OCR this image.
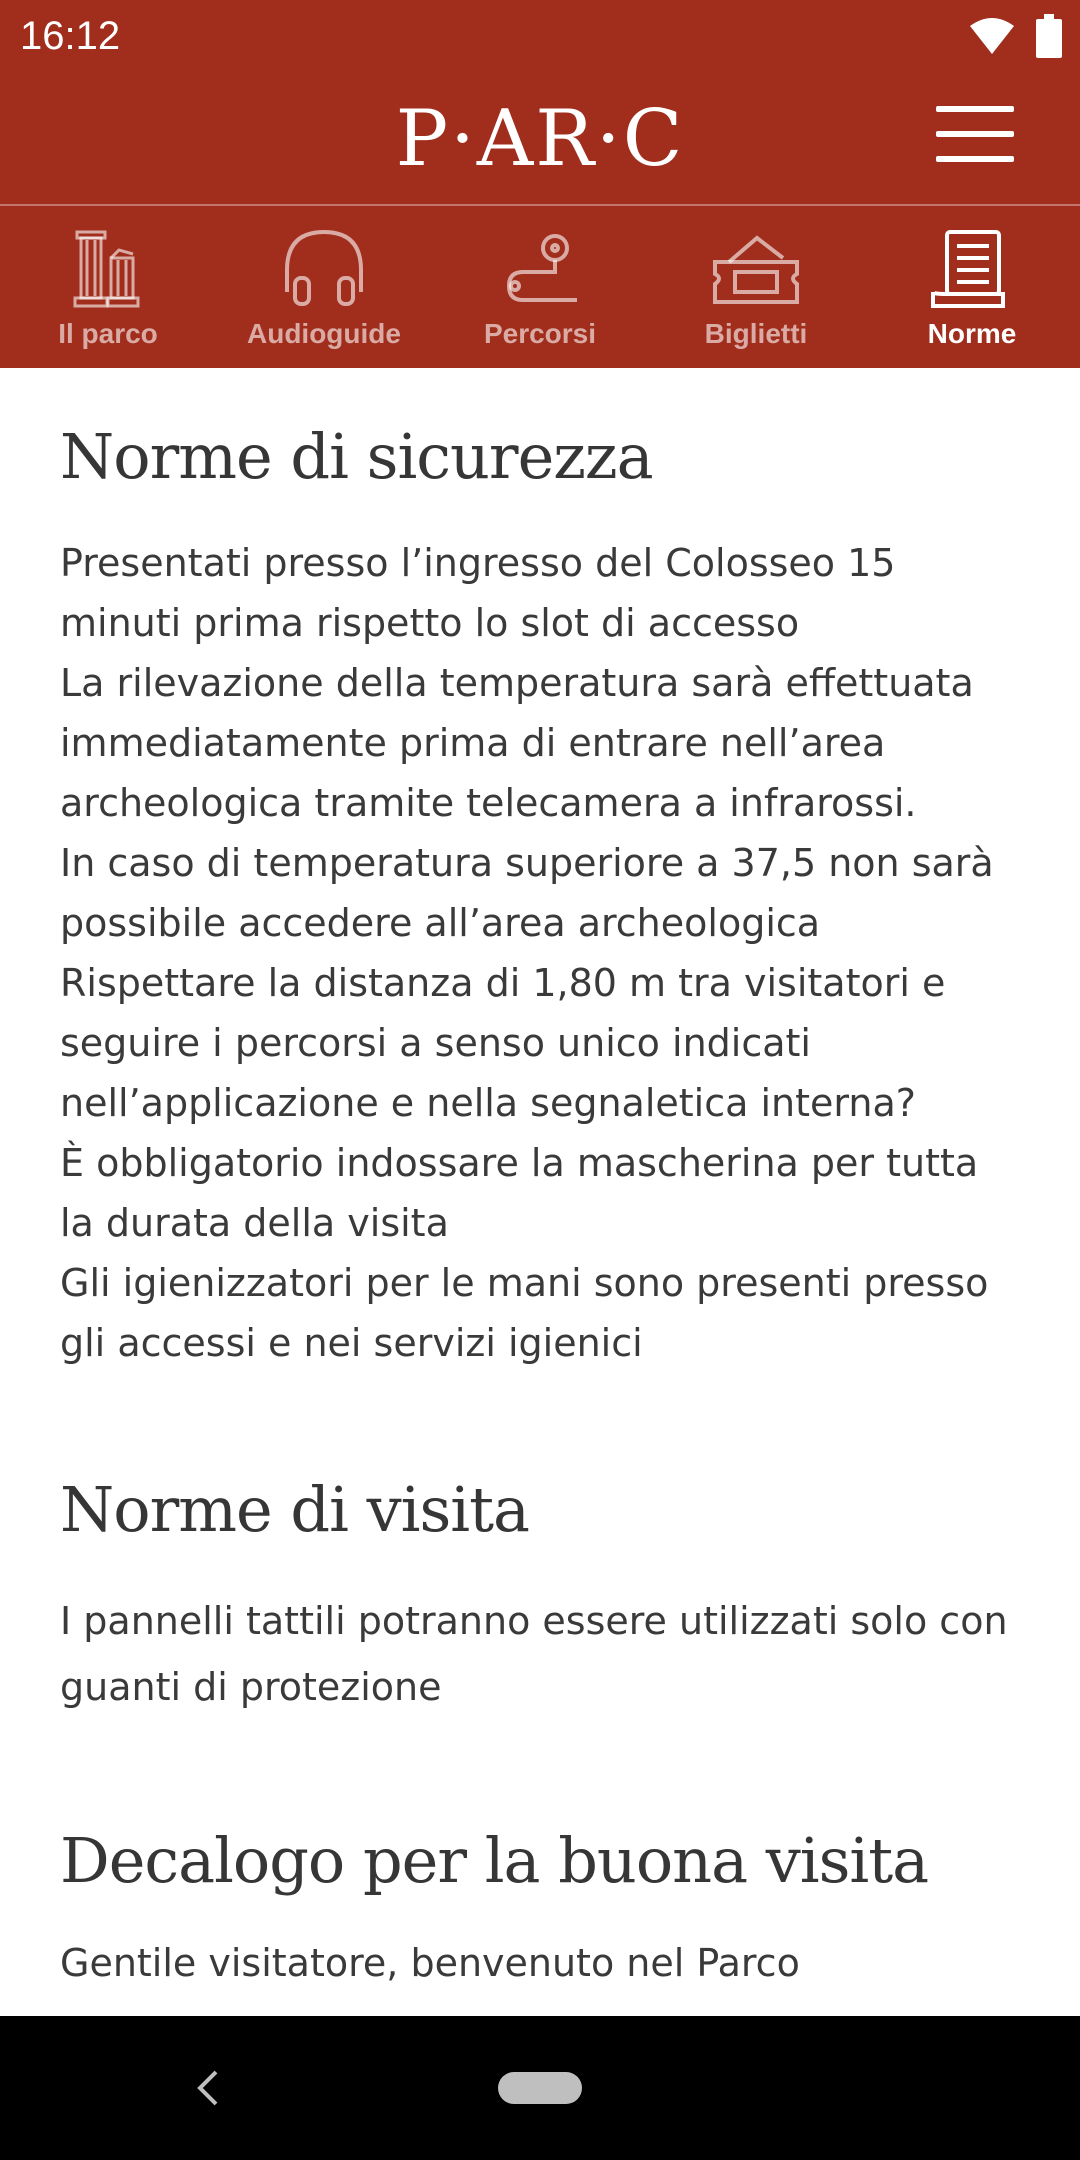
16:12
P·AR·C
Il parco	Audioguide	Percorsi	Biglietti	Norme
Norme di sicurezza

Presentati presso l’ingresso del Colosseo 15 minuti prima rispetto lo slot di accesso
La rilevazione della temperatura sarà effettuata immediatamente prima di entrare nell’area archeologica tramite telecamera a infrarossi.
In caso di temperatura superiore a 37,5 non sarà possibile accedere all’area archeologica
Rispettare la distanza di 1,80 m tra visitatori e seguire i percorsi a senso unico indicati nell’applicazione e nella segnaletica interna?
È obbligatorio indossare la mascherina per tutta la durata della visita
Gli igienizzatori per le mani sono presenti presso gli accessi e nei servizi igienici

Norme di visita

I pannelli tattili potranno essere utilizzati solo con guanti di protezione

Decalogo per la buona visita

Gentile visitatore, benvenuto nel Parco
